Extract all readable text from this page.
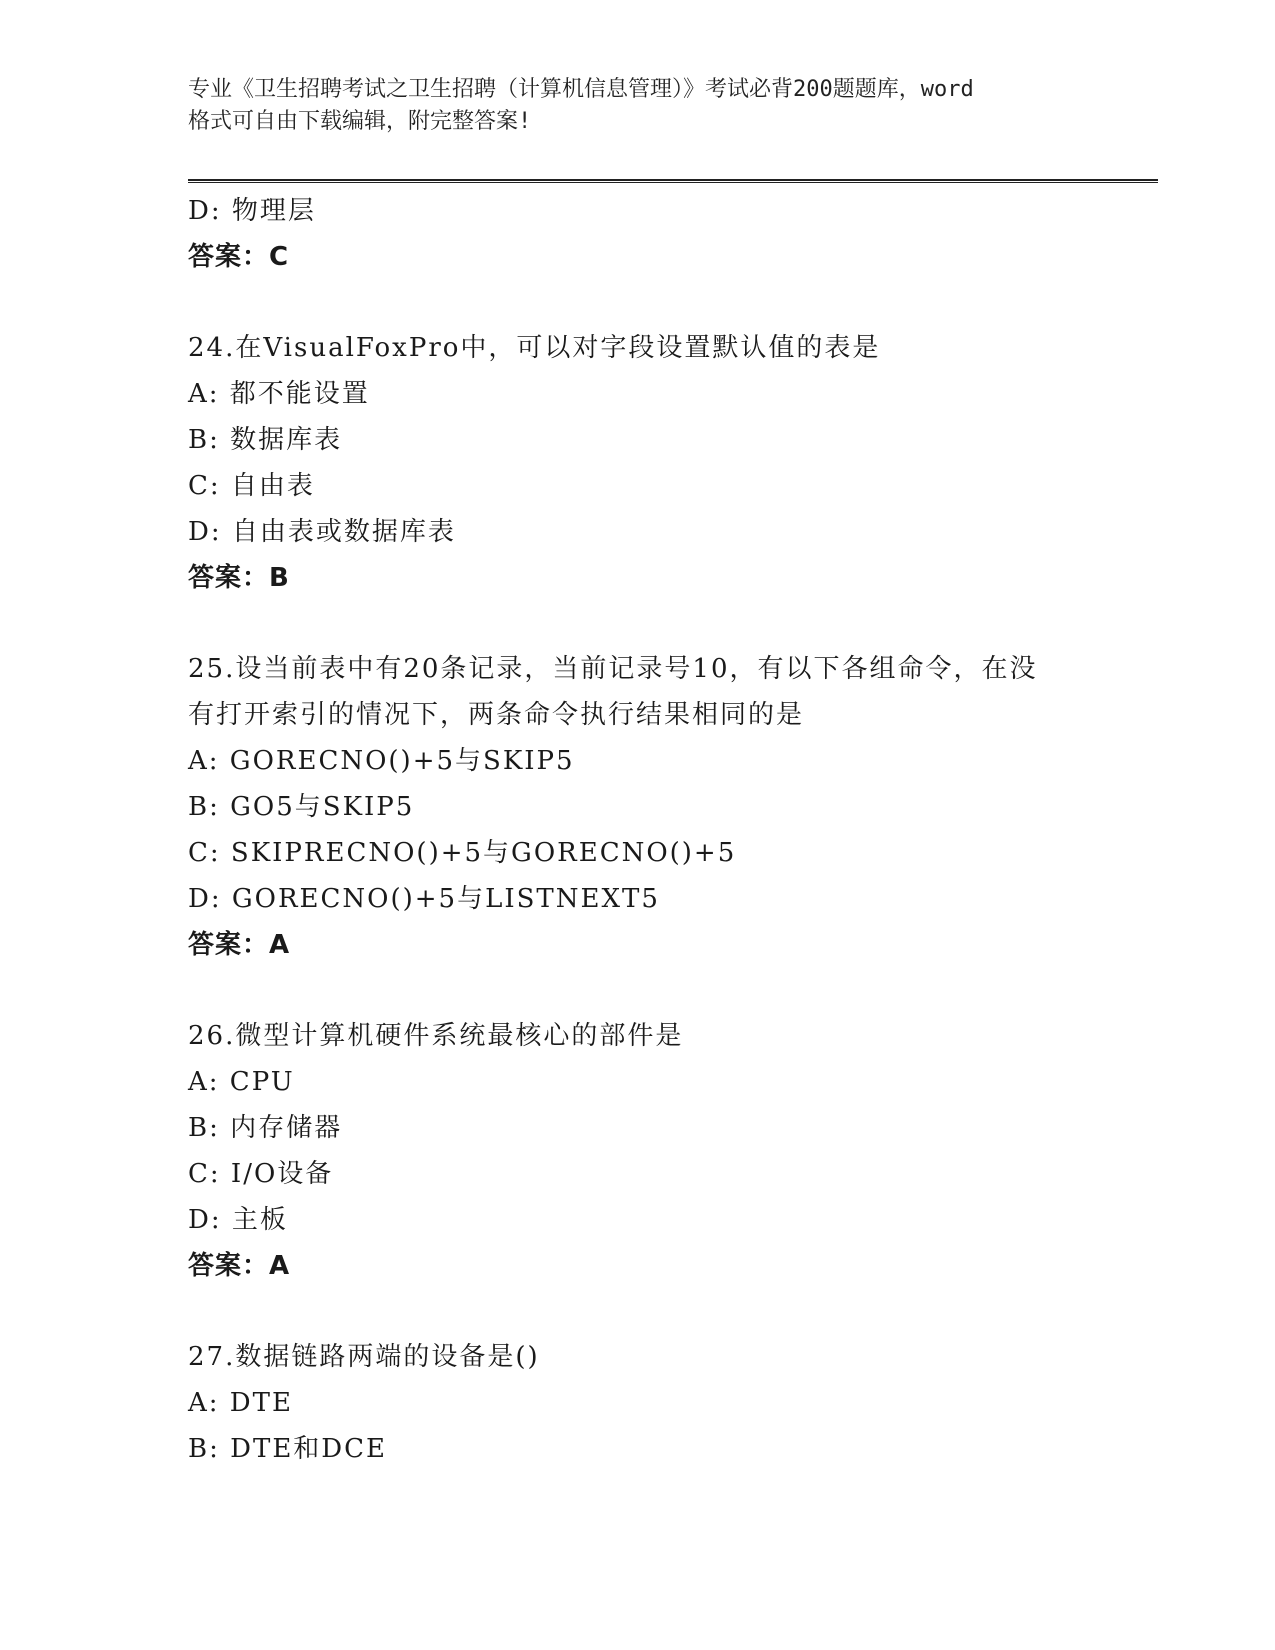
专业《卫生招聘考试之卫生招聘（计算机信息管理）》考试必背200题题库，word
格式可自由下载编辑，附完整答案!
D: 物理层
答案：C
24.在VisualFoxPro中，可以对字段设置默认值的表是
A: 都不能设置
B: 数据库表
C: 自由表
D: 自由表或数据库表
答案：B
25.设当前表中有20条记录，当前记录号10，有以下各组命令，在没
有打开索引的情况下，两条命令执行结果相同的是
A: GORECNO()+5与SKIP5
B: GO5与SKIP5
C: SKIPRECNO()+5与GORECNO()+5
D: GORECNO()+5与LISTNEXT5
答案：A
26.微型计算机硬件系统最核心的部件是
A: CPU
B: 内存储器
C: I/O设备
D: 主板
答案：A
27.数据链路两端的设备是()
A: DTE
B: DTE和DCE
